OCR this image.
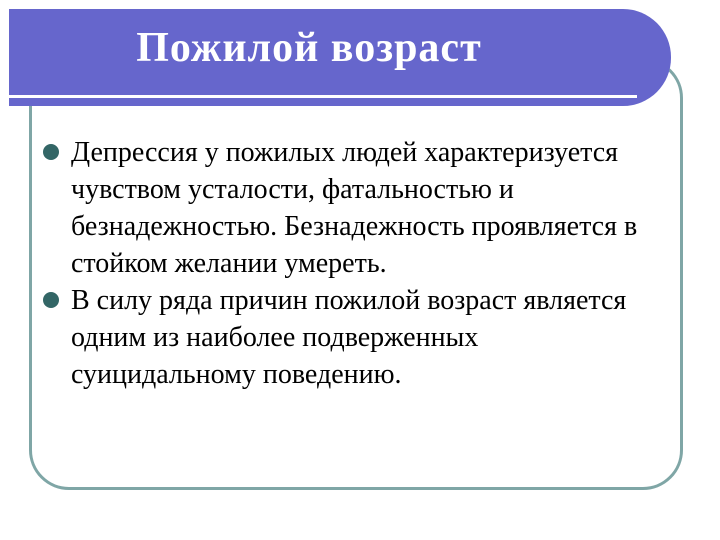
Пожилой возраст
Депрессия у пожилых людей характеризуется чувством усталости, фатальностью и безнадежностью. Безнадежность проявляется в стойком желании умереть.
В силу ряда причин пожилой возраст является одним из наиболее подверженных суицидальному поведению.
